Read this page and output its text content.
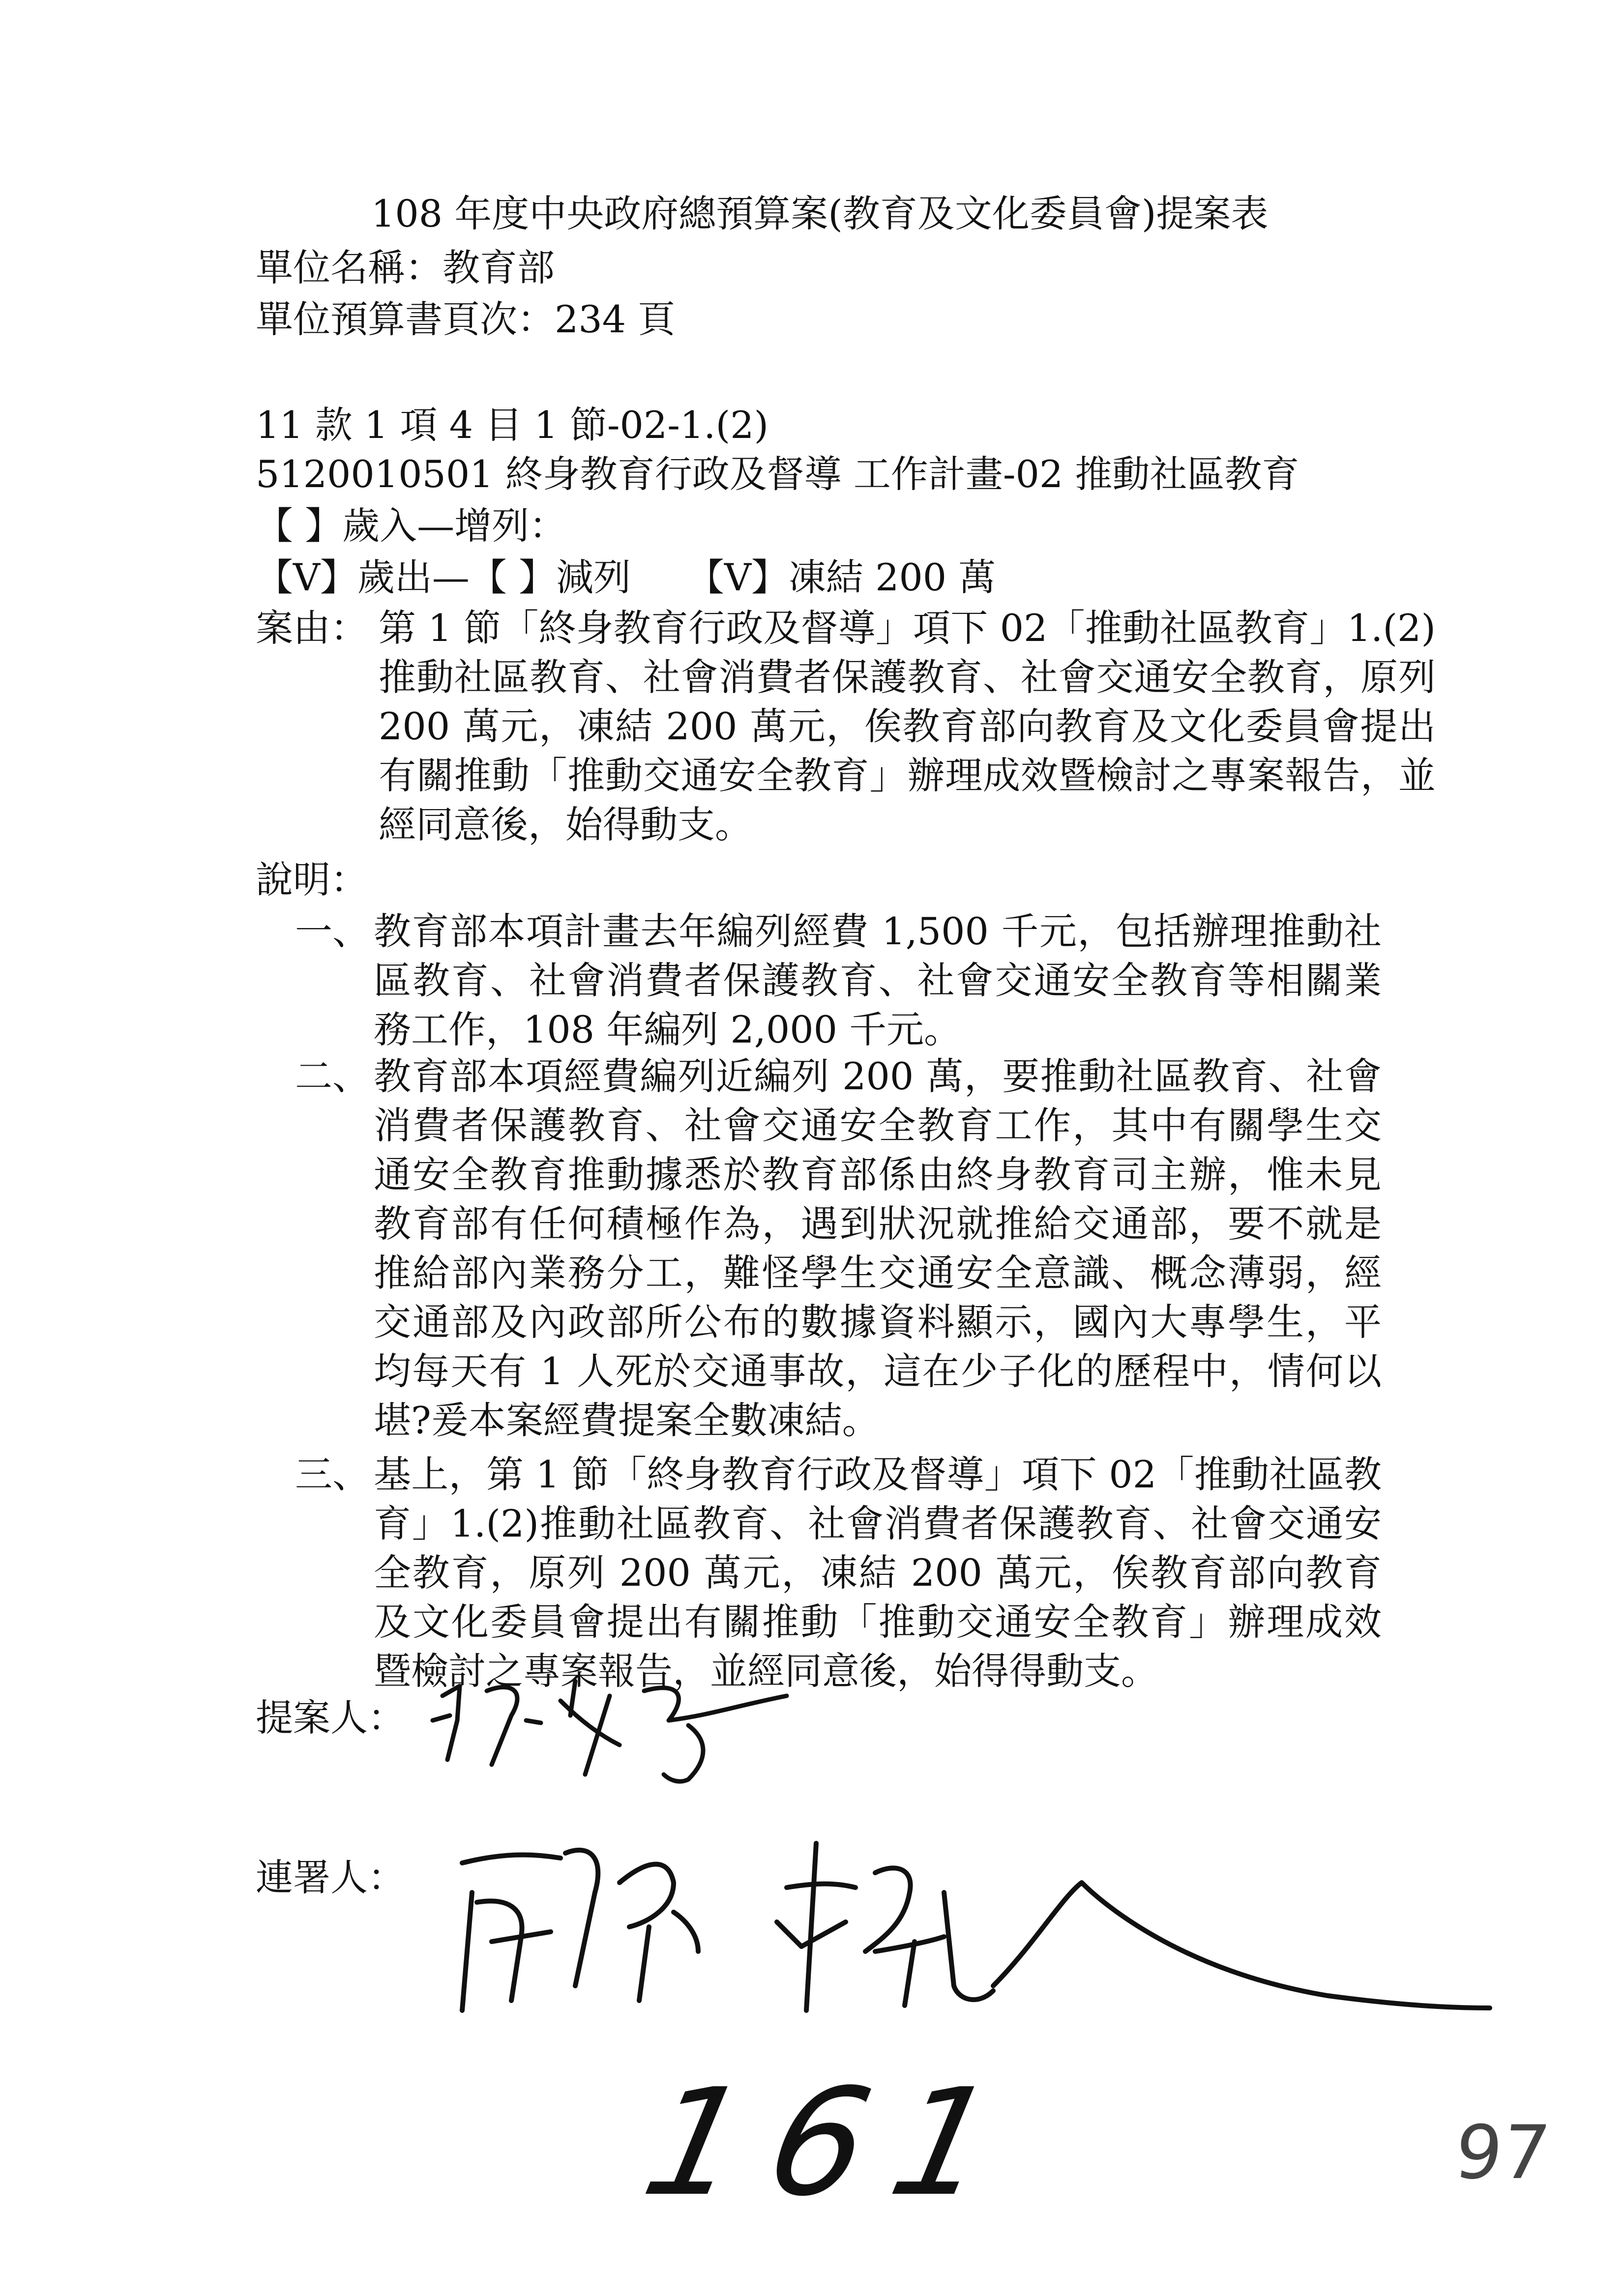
108 年度中央政府總預算案(教育及文化委員會)提案表
單位名稱：教育部
單位預算書頁次：234 頁
11 款 1 項 4 目 1 節-02-1.(2)
5120010501 終身教育行政及督導 工作計畫-02 推動社區教育
【 】歲入—增列：
【V】歲出—【 】減列　　【V】凍結 200 萬
案由： 第 1 節「終身教育行政及督導」項下 02「推動社區教育」1.(2)推動社區教育、社會消費者保護教育、社會交通安全教育，原列 200 萬元，凍結 200 萬元，俟教育部向教育及文化委員會提出有關推動「推動交通安全教育」辦理成效暨檢討之專案報告，並經同意後，始得動支。
說明：
一、 教育部本項計畫去年編列經費 1,500 千元，包括辦理推動社區教育、社會消費者保護教育、社會交通安全教育等相關業務工作，108 年編列 2,000 千元。
二、 教育部本項經費編列近編列 200 萬，要推動社區教育、社會消費者保護教育、社會交通安全教育工作，其中有關學生交通安全教育推動據悉於教育部係由終身教育司主辦，惟未見教育部有任何積極作為，遇到狀況就推給交通部，要不就是推給部內業務分工，難怪學生交通安全意識、概念薄弱，經交通部及內政部所公布的數據資料顯示，國內大專學生，平均每天有 1 人死於交通事故，這在少子化的歷程中，情何以堪?爰本案經費提案全數凍結。
三、 基上，第 1 節「終身教育行政及督導」項下 02「推動社區教育」1.(2)推動社區教育、社會消費者保護教育、社會交通安全教育，原列 200 萬元，凍結 200 萬元，俟教育部向教育及文化委員會提出有關推動「推動交通安全教育」辦理成效暨檢討之專案報告，並經同意後，始得得動支。
提案人：
連署人：
161	97
